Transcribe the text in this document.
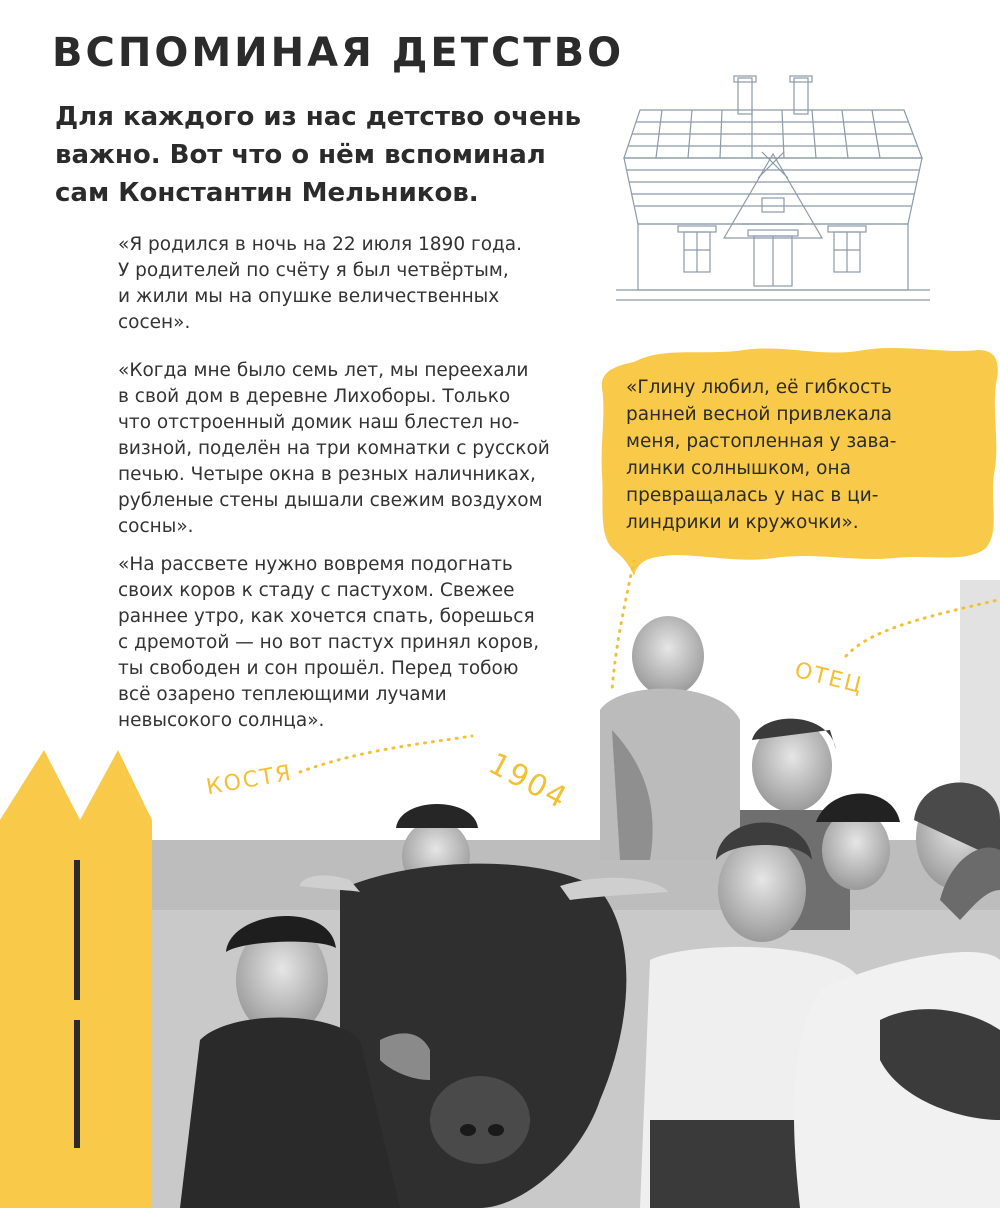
ВСПОМИНАЯ ДЕТСТВО
Для каждого из нас детство очень
важно. Вот что о нём вспоминал
сам Константин Мельников.
«Я родился в ночь на 22 июля 1890 года.
У родителей по счёту я был четвёртым,
и жили мы на опушке величественных
сосен».
«Когда мне было семь лет, мы переехали
в свой дом в деревне Лихоборы. Только
что отстроенный домик наш блестел но-
визной, поделён на три комнатки с русской
печью. Четыре окна в резных наличниках,
рубленые стены дышали свежим воздухом
сосны».
«На рассвете нужно вовремя подогнать
своих коров к стаду с пастухом. Свежее
раннее утро, как хочется спать, борешься
с дремотой — но вот пастух принял коров,
ты свободен и сон прошёл. Перед тобою
всё озарено теплеющими лучами
невысокого солнца».
«Глину любил, её гибкость
ранней весной привлекала
меня, растопленная у зава-
линки солнышком, она
превращалась у нас в ци-
линдрики и кружочки».
КОСТЯ	1904
ОТЕЦ
